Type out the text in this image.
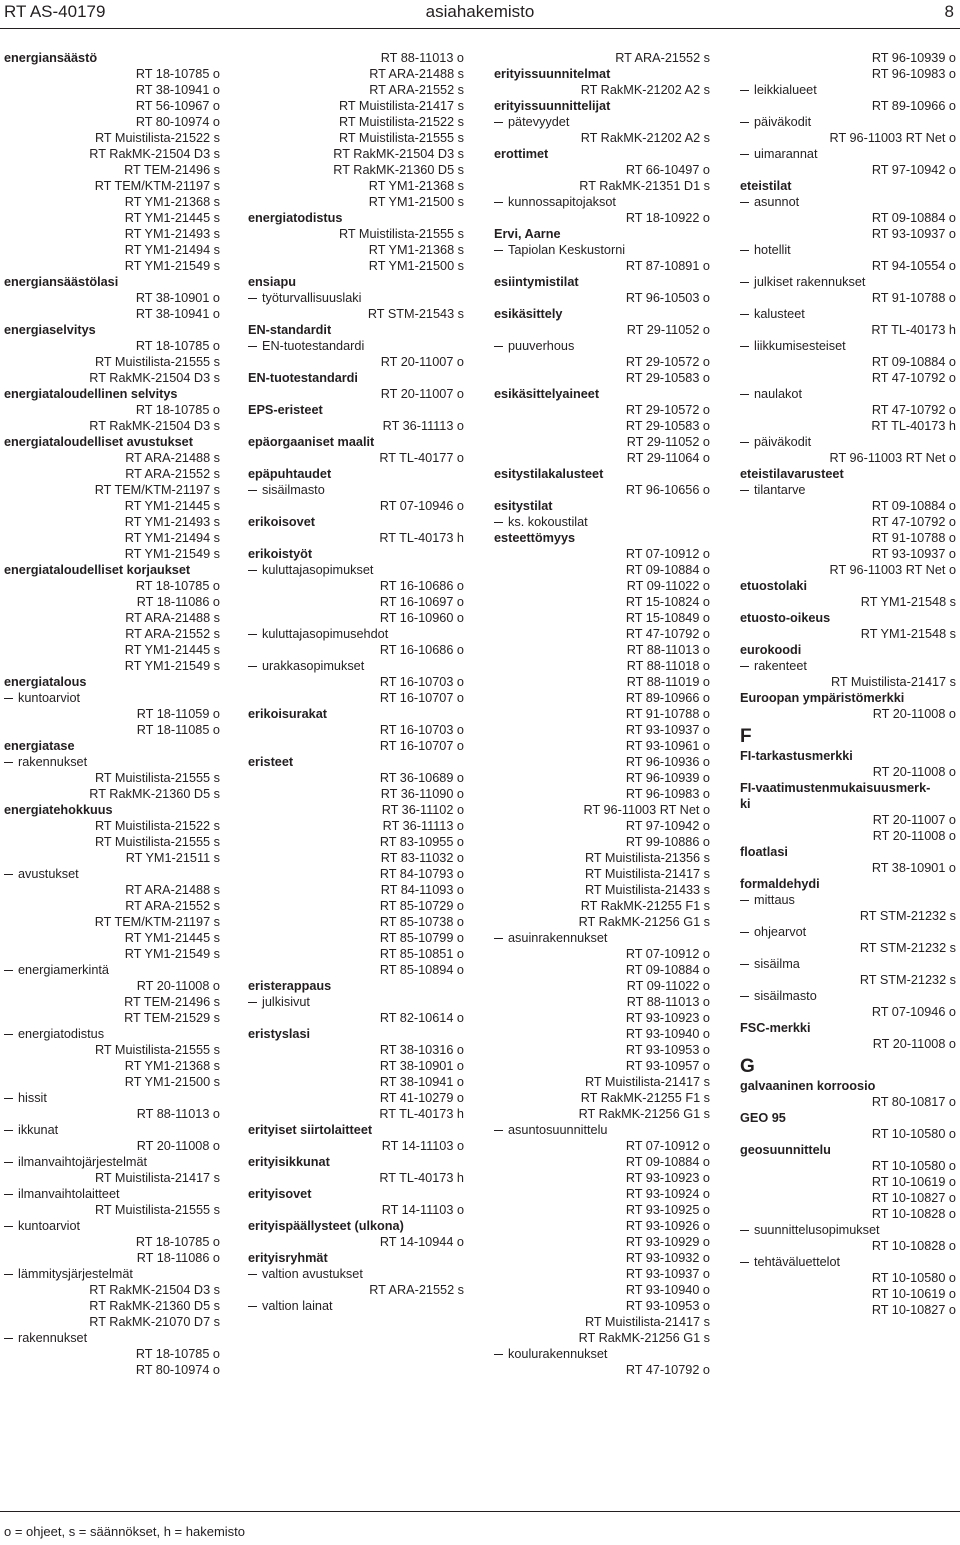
RT AS-40179	asiahakemisto	8
energiansäästö
RT 18-10785 o
RT 38-10941 o
RT 56-10967 o
RT 80-10974 o
RT Muistilista-21522 s
RT RakMK-21504 D3 s
RT TEM-21496 s
RT TEM/KTM-21197 s
RT YM1-21368 s
RT YM1-21445 s
RT YM1-21493 s
RT YM1-21494 s
RT YM1-21549 s
energiansäästölasi
RT 38-10901 o
RT 38-10941 o
energiaselvitys
RT 18-10785 o
RT Muistilista-21555 s
RT RakMK-21504 D3 s
energiataloudellinen selvitys
RT 18-10785 o
RT RakMK-21504 D3 s
energiataloudelliset avustukset
RT ARA-21488 s
RT ARA-21552 s
RT TEM/KTM-21197 s
RT YM1-21445 s
RT YM1-21493 s
RT YM1-21494 s
RT YM1-21549 s
energiataloudelliset korjaukset
RT 18-10785 o
RT 18-11086 o
RT ARA-21488 s
RT ARA-21552 s
RT YM1-21445 s
RT YM1-21549 s
energiatalous
kuntoarviot
RT 18-11059 o
RT 18-11085 o
energiatase
rakennukset
RT Muistilista-21555 s
RT RakMK-21360 D5 s
energiatehokkuus
RT Muistilista-21522 s
RT Muistilista-21555 s
RT YM1-21511 s
avustukset
RT ARA-21488 s
RT ARA-21552 s
RT TEM/KTM-21197 s
RT YM1-21445 s
RT YM1-21549 s
energiamerkintä
RT 20-11008 o
RT TEM-21496 s
RT TEM-21529 s
energiatodistus
RT Muistilista-21555 s
RT YM1-21368 s
RT YM1-21500 s
hissit
RT 88-11013 o
ikkunat
RT 20-11008 o
ilmanvaihtojärjestelmät
RT Muistilista-21417 s
ilmanvaihtolaitteet
RT Muistilista-21555 s
kuntoarviot
RT 18-10785 o
RT 18-11086 o
lämmitysjärjestelmät
RT RakMK-21504 D3 s
RT RakMK-21360 D5 s
RT RakMK-21070 D7 s
rakennukset
RT 18-10785 o
RT 80-10974 o
RT 88-11013 o
RT ARA-21488 s
RT ARA-21552 s
RT Muistilista-21417 s
RT Muistilista-21522 s
RT Muistilista-21555 s
RT RakMK-21504 D3 s
RT RakMK-21360 D5 s
RT YM1-21368 s
RT YM1-21500 s
energiatodistus
RT Muistilista-21555 s
RT YM1-21368 s
RT YM1-21500 s
ensiapu
työturvallisuuslaki
RT STM-21543 s
EN-standardit
EN-tuotestandardi
RT 20-11007 o
EN-tuotestandardi
RT 20-11007 o
EPS-eristeet
RT 36-11113 o
epäorgaaniset maalit
RT TL-40177 o
epäpuhtaudet
sisäilmasto
RT 07-10946 o
erikoisovet
RT TL-40173 h
erikoistyöt
kuluttajasopimukset
RT 16-10686 o
RT 16-10697 o
RT 16-10960 o
kuluttajasopimusehdot
RT 16-10686 o
urakkasopimukset
RT 16-10703 o
RT 16-10707 o
erikoisurakat
RT 16-10703 o
RT 16-10707 o
eristeet
RT 36-10689 o
RT 36-11090 o
RT 36-11102 o
RT 36-11113 o
RT 83-10955 o
RT 83-11032 o
RT 84-10793 o
RT 84-11093 o
RT 85-10729 o
RT 85-10738 o
RT 85-10799 o
RT 85-10851 o
RT 85-10894 o
eristerappaus
julkisivut
RT 82-10614 o
eristyslasi
RT 38-10316 o
RT 38-10901 o
RT 38-10941 o
RT 41-10279 o
RT TL-40173 h
erityiset siirtolaitteet
RT 14-11103 o
erityisikkunat
RT TL-40173 h
erityisovet
RT 14-11103 o
erityispäällysteet (ulkona)
RT 14-10944 o
erityisryhmät
valtion avustukset
RT ARA-21552 s
valtion lainat
RT ARA-21552 s
erityissuunnitelmat
RT RakMK-21202 A2 s
erityissuunnittelijat
pätevyydet
RT RakMK-21202 A2 s
erottimet
RT 66-10497 o
RT RakMK-21351 D1 s
kunnossapitojaksot
RT 18-10922 o
Ervi, Aarne
Tapiolan Keskustorni
RT 87-10891 o
esiintymistilat
RT 96-10503 o
esikäsittely
RT 29-11052 o
puuverhous
RT 29-10572 o
RT 29-10583 o
esikäsittelyaineet
RT 29-10572 o
RT 29-10583 o
RT 29-11052 o
RT 29-11064 o
esitystilakalusteet
RT 96-10656 o
esitystilat
ks. kokoustilat
esteettömyys
RT 07-10912 o
RT 09-10884 o
RT 09-11022 o
RT 15-10824 o
RT 15-10849 o
RT 47-10792 o
RT 88-11013 o
RT 88-11018 o
RT 88-11019 o
RT 89-10966 o
RT 91-10788 o
RT 93-10937 o
RT 93-10961 o
RT 96-10936 o
RT 96-10939 o
RT 96-10983 o
RT 96-11003 RT Net o
RT 97-10942 o
RT 99-10886 o
RT Muistilista-21356 s
RT Muistilista-21417 s
RT Muistilista-21433 s
RT RakMK-21255 F1 s
RT RakMK-21256 G1 s
asuinrakennukset
RT 07-10912 o
RT 09-10884 o
RT 09-11022 o
RT 88-11013 o
RT 93-10923 o
RT 93-10940 o
RT 93-10953 o
RT 93-10957 o
RT Muistilista-21417 s
RT RakMK-21255 F1 s
RT RakMK-21256 G1 s
asuntosuunnittelu
RT 07-10912 o
RT 09-10884 o
RT 93-10923 o
RT 93-10924 o
RT 93-10925 o
RT 93-10926 o
RT 93-10929 o
RT 93-10932 o
RT 93-10937 o
RT 93-10940 o
RT 93-10953 o
RT Muistilista-21417 s
RT RakMK-21256 G1 s
koulurakennukset
RT 47-10792 o
RT 96-10939 o
RT 96-10983 o
leikkialueet
RT 89-10966 o
päiväkodit
RT 96-11003 RT Net o
uimarannat
RT 97-10942 o
eteistilat
asunnot
RT 09-10884 o
RT 93-10937 o
hotellit
RT 94-10554 o
julkiset rakennukset
RT 91-10788 o
kalusteet
RT TL-40173 h
liikkumisesteiset
RT 09-10884 o
RT 47-10792 o
naulakot
RT 47-10792 o
RT TL-40173 h
päiväkodit
RT 96-11003 RT Net o
eteistilavarusteet
tilantarve
RT 09-10884 o
RT 47-10792 o
RT 91-10788 o
RT 93-10937 o
RT 96-11003 RT Net o
etuostolaki
RT YM1-21548 s
etuosto-oikeus
RT YM1-21548 s
eurokoodi
rakenteet
RT Muistilista-21417 s
Euroopan ympäristömerkki
RT 20-11008 o
F
FI-tarkastusmerkki
RT 20-11008 o
FI-vaatimustenmukaisuusmerk-
ki
RT 20-11007 o
RT 20-11008 o
floatlasi
RT 38-10901 o
formaldehydi
mittaus
RT STM-21232 s
ohjearvot
RT STM-21232 s
sisäilma
RT STM-21232 s
sisäilmasto
RT 07-10946 o
FSC-merkki
RT 20-11008 o
G
galvaaninen korroosio
RT 80-10817 o
GEO 95
RT 10-10580 o
geosuunnittelu
RT 10-10580 o
RT 10-10619 o
RT 10-10827 o
RT 10-10828 o
suunnittelusopimukset
RT 10-10828 o
tehtäväluettelot
RT 10-10580 o
RT 10-10619 o
RT 10-10827 o
o = ohjeet, s = säännökset, h = hakemisto
